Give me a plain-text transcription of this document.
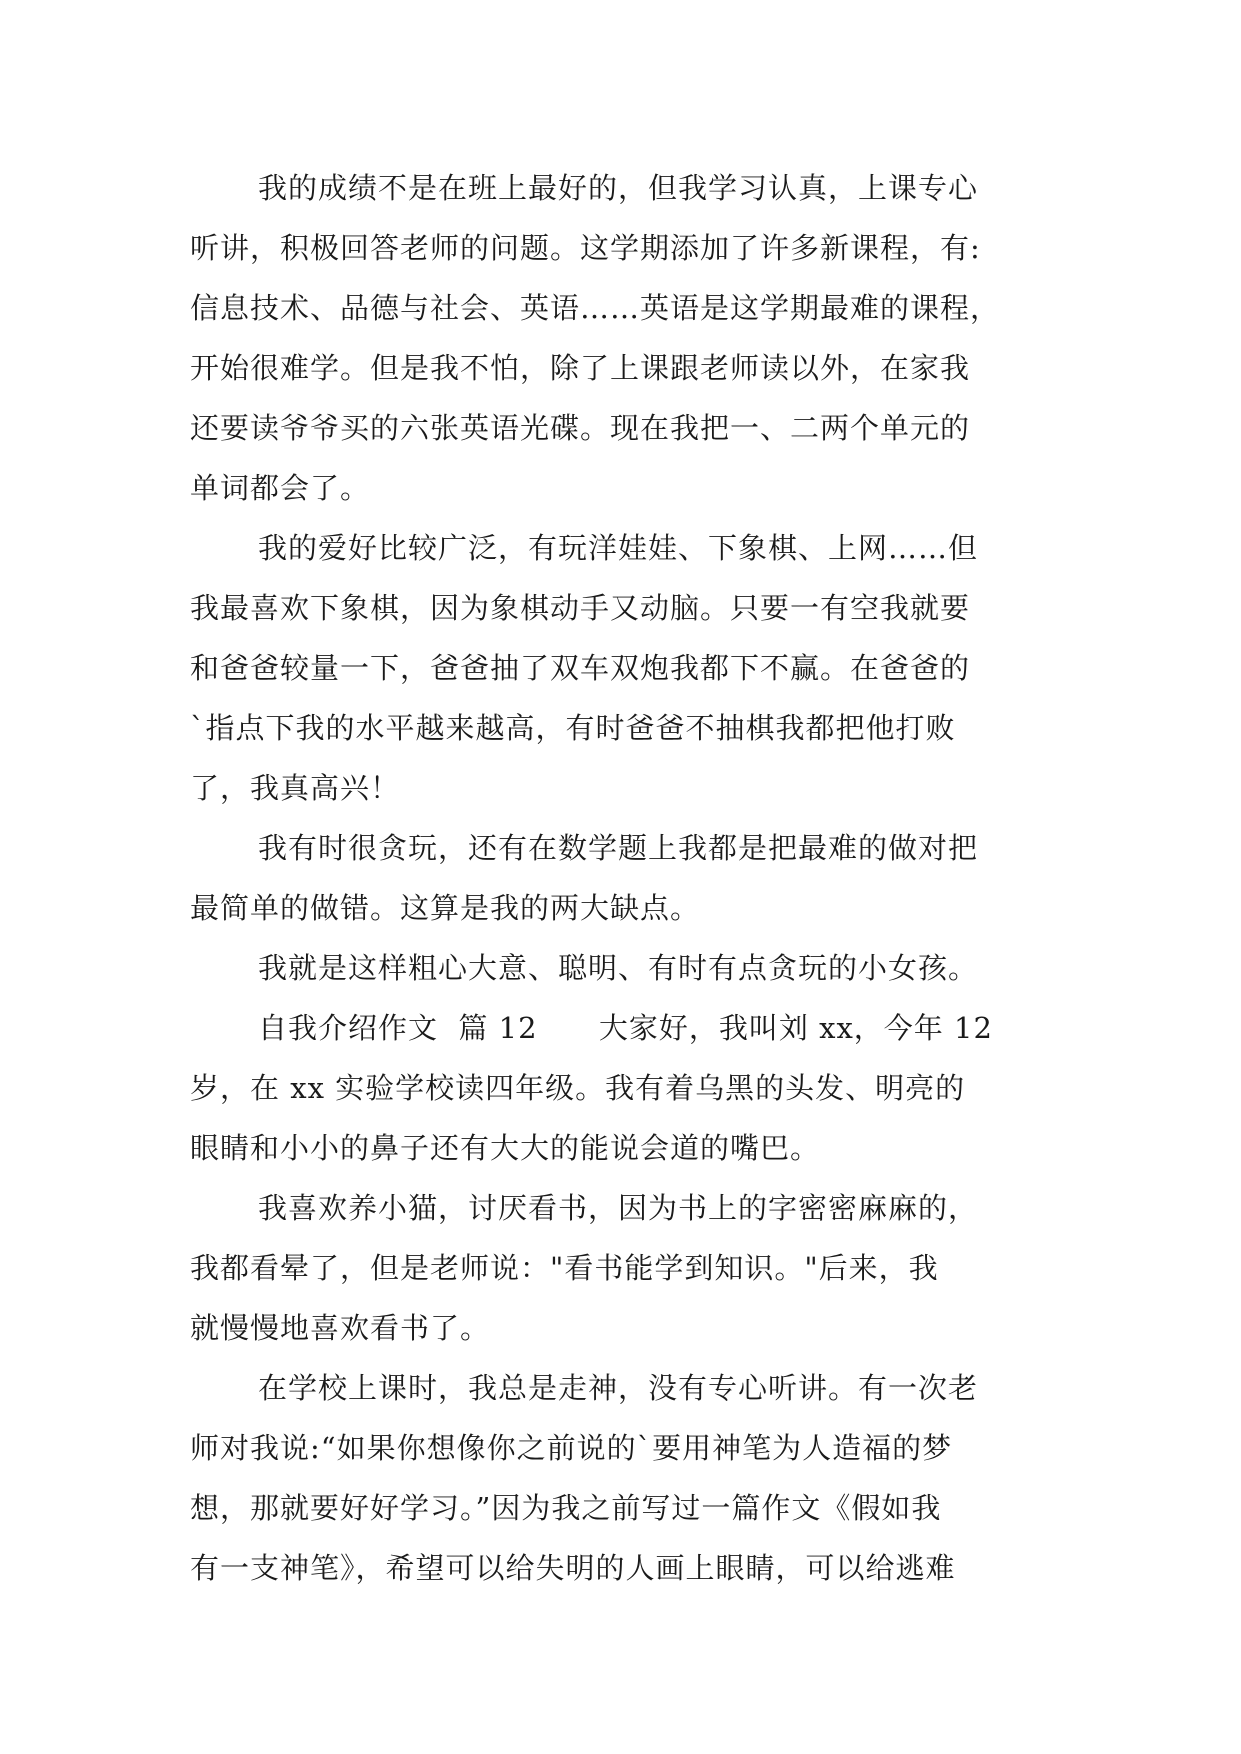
我的成绩不是在班上最好的，但我学习认真，上课专心
听讲，积极回答老师的问题。这学期添加了许多新课程，有:
信息技术、品德与社会、英语……英语是这学期最难的课程，
开始很难学。但是我不怕，除了上课跟老师读以外，在家我
还要读爷爷买的六张英语光碟。现在我把一、二两个单元的
单词都会了。
我的爱好比较广泛，有玩洋娃娃、下象棋、上网……但
我最喜欢下象棋，因为象棋动手又动脑。只要一有空我就要
和爸爸较量一下，爸爸抽了双车双炮我都下不赢。在爸爸的
`指点下我的水平越来越高，有时爸爸不抽棋我都把他打败
了，我真高兴！
我有时很贪玩，还有在数学题上我都是把最难的做对把
最简单的做错。这算是我的两大缺点。
我就是这样粗心大意、聪明、有时有点贪玩的小女孩。
自我介绍作文  篇 12      大家好，我叫刘 xx，今年 12
岁，在 xx 实验学校读四年级。我有着乌黑的头发、明亮的
眼睛和小小的鼻子还有大大的能说会道的嘴巴。
我喜欢养小猫，讨厌看书，因为书上的字密密麻麻的，
我都看晕了，但是老师说："看书能学到知识。"后来，我
就慢慢地喜欢看书了。
在学校上课时，我总是走神，没有专心听讲。有一次老
师对我说:“如果你想像你之前说的`要用神笔为人造福的梦
想，那就要好好学习。”因为我之前写过一篇作文《假如我
有一支神笔》，希望可以给失明的人画上眼睛，可以给逃难
